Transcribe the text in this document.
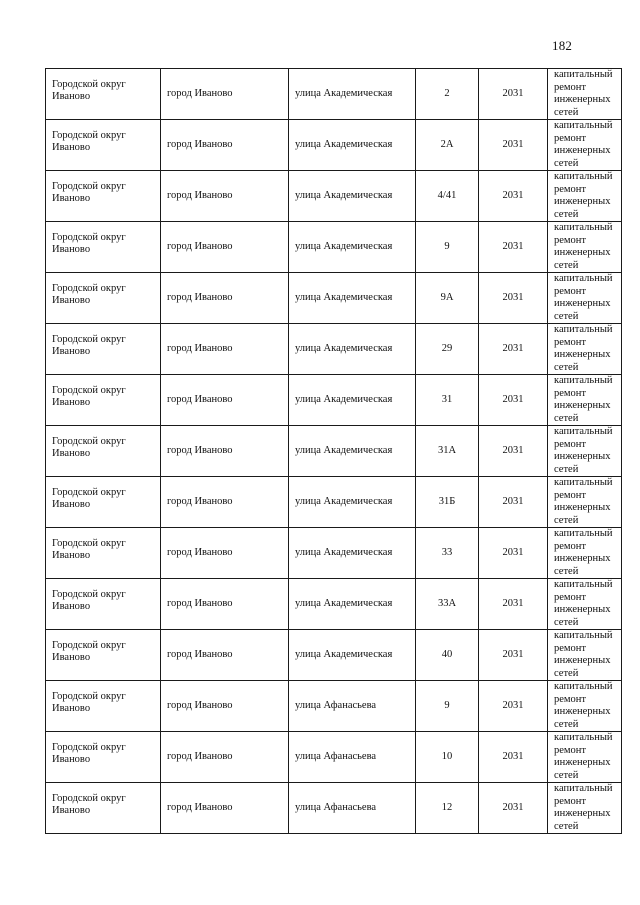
182
Городской округ Иваново	город Иваново	улица Академическая	2	2031	капитальный
ремонт
инженерных
сетей

Городской округ Иваново	город Иваново	улица Академическая	2А	2031	капитальный
ремонт
инженерных
сетей

Городской округ Иваново	город Иваново	улица Академическая	4/41	2031	капитальный
ремонт
инженерных
сетей

Городской округ Иваново	город Иваново	улица Академическая	9	2031	капитальный
ремонт
инженерных
сетей

Городской округ Иваново	город Иваново	улица Академическая	9А	2031	капитальный
ремонт
инженерных
сетей

Городской округ Иваново	город Иваново	улица Академическая	29	2031	капитальный
ремонт
инженерных
сетей

Городской округ Иваново	город Иваново	улица Академическая	31	2031	капитальный
ремонт
инженерных
сетей

Городской округ Иваново	город Иваново	улица Академическая	31А	2031	капитальный
ремонт
инженерных
сетей

Городской округ Иваново	город Иваново	улица Академическая	31Б	2031	капитальный
ремонт
инженерных
сетей

Городской округ Иваново	город Иваново	улица Академическая	33	2031	капитальный
ремонт
инженерных
сетей

Городской округ Иваново	город Иваново	улица Академическая	33А	2031	капитальный
ремонт
инженерных
сетей

Городской округ Иваново	город Иваново	улица Академическая	40	2031	капитальный
ремонт
инженерных
сетей

Городской округ Иваново	город Иваново	улица Афанасьева	9	2031	капитальный
ремонт
инженерных
сетей

Городской округ Иваново	город Иваново	улица Афанасьева	10	2031	капитальный
ремонт
инженерных
сетей

Городской округ Иваново	город Иваново	улица Афанасьева	12	2031	капитальный
ремонт
инженерных
сетей
